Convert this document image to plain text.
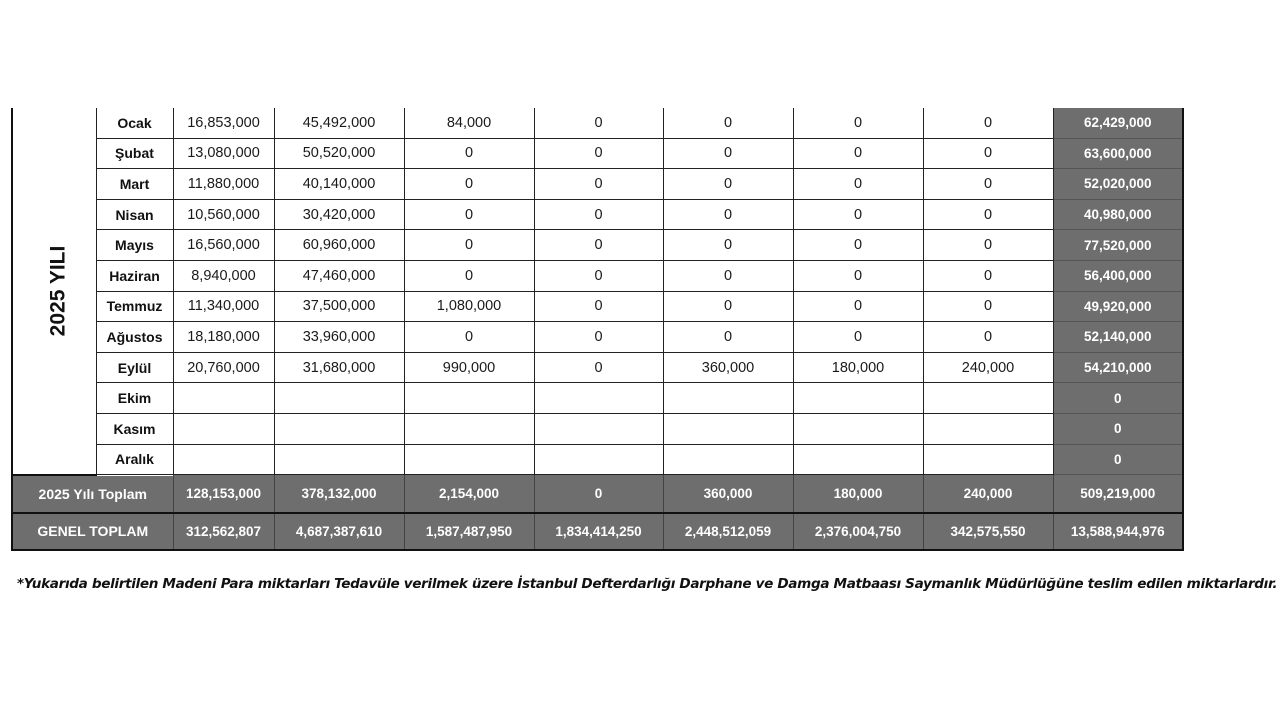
2025 YILI	Ocak	16,853,000	45,492,000	84,000	0	0	0	0	62,429,000
	Şubat	13,080,000	50,520,000	0	0	0	0	0	63,600,000
	Mart	11,880,000	40,140,000	0	0	0	0	0	52,020,000
	Nisan	10,560,000	30,420,000	0	0	0	0	0	40,980,000
	Mayıs	16,560,000	60,960,000	0	0	0	0	0	77,520,000
	Haziran	8,940,000	47,460,000	0	0	0	0	0	56,400,000
	Temmuz	11,340,000	37,500,000	1,080,000	0	0	0	0	49,920,000
	Ağustos	18,180,000	33,960,000	0	0	0	0	0	52,140,000
	Eylül	20,760,000	31,680,000	990,000	0	360,000	180,000	240,000	54,210,000
	Ekim								0
	Kasım								0
	Aralık								0
2025 Yılı Toplam		128,153,000	378,132,000	2,154,000	0	360,000	180,000	240,000	509,219,000
GENEL TOPLAM		312,562,807	4,687,387,610	1,587,487,950	1,834,414,250	2,448,512,059	2,376,004,750	342,575,550	13,588,944,976
*Yukarıda belirtilen Madeni Para miktarları Tedavüle verilmek üzere İstanbul Defterdarlığı Darphane ve Damga Matbaası Saymanlık Müdürlüğüne teslim edilen miktarlardır.
